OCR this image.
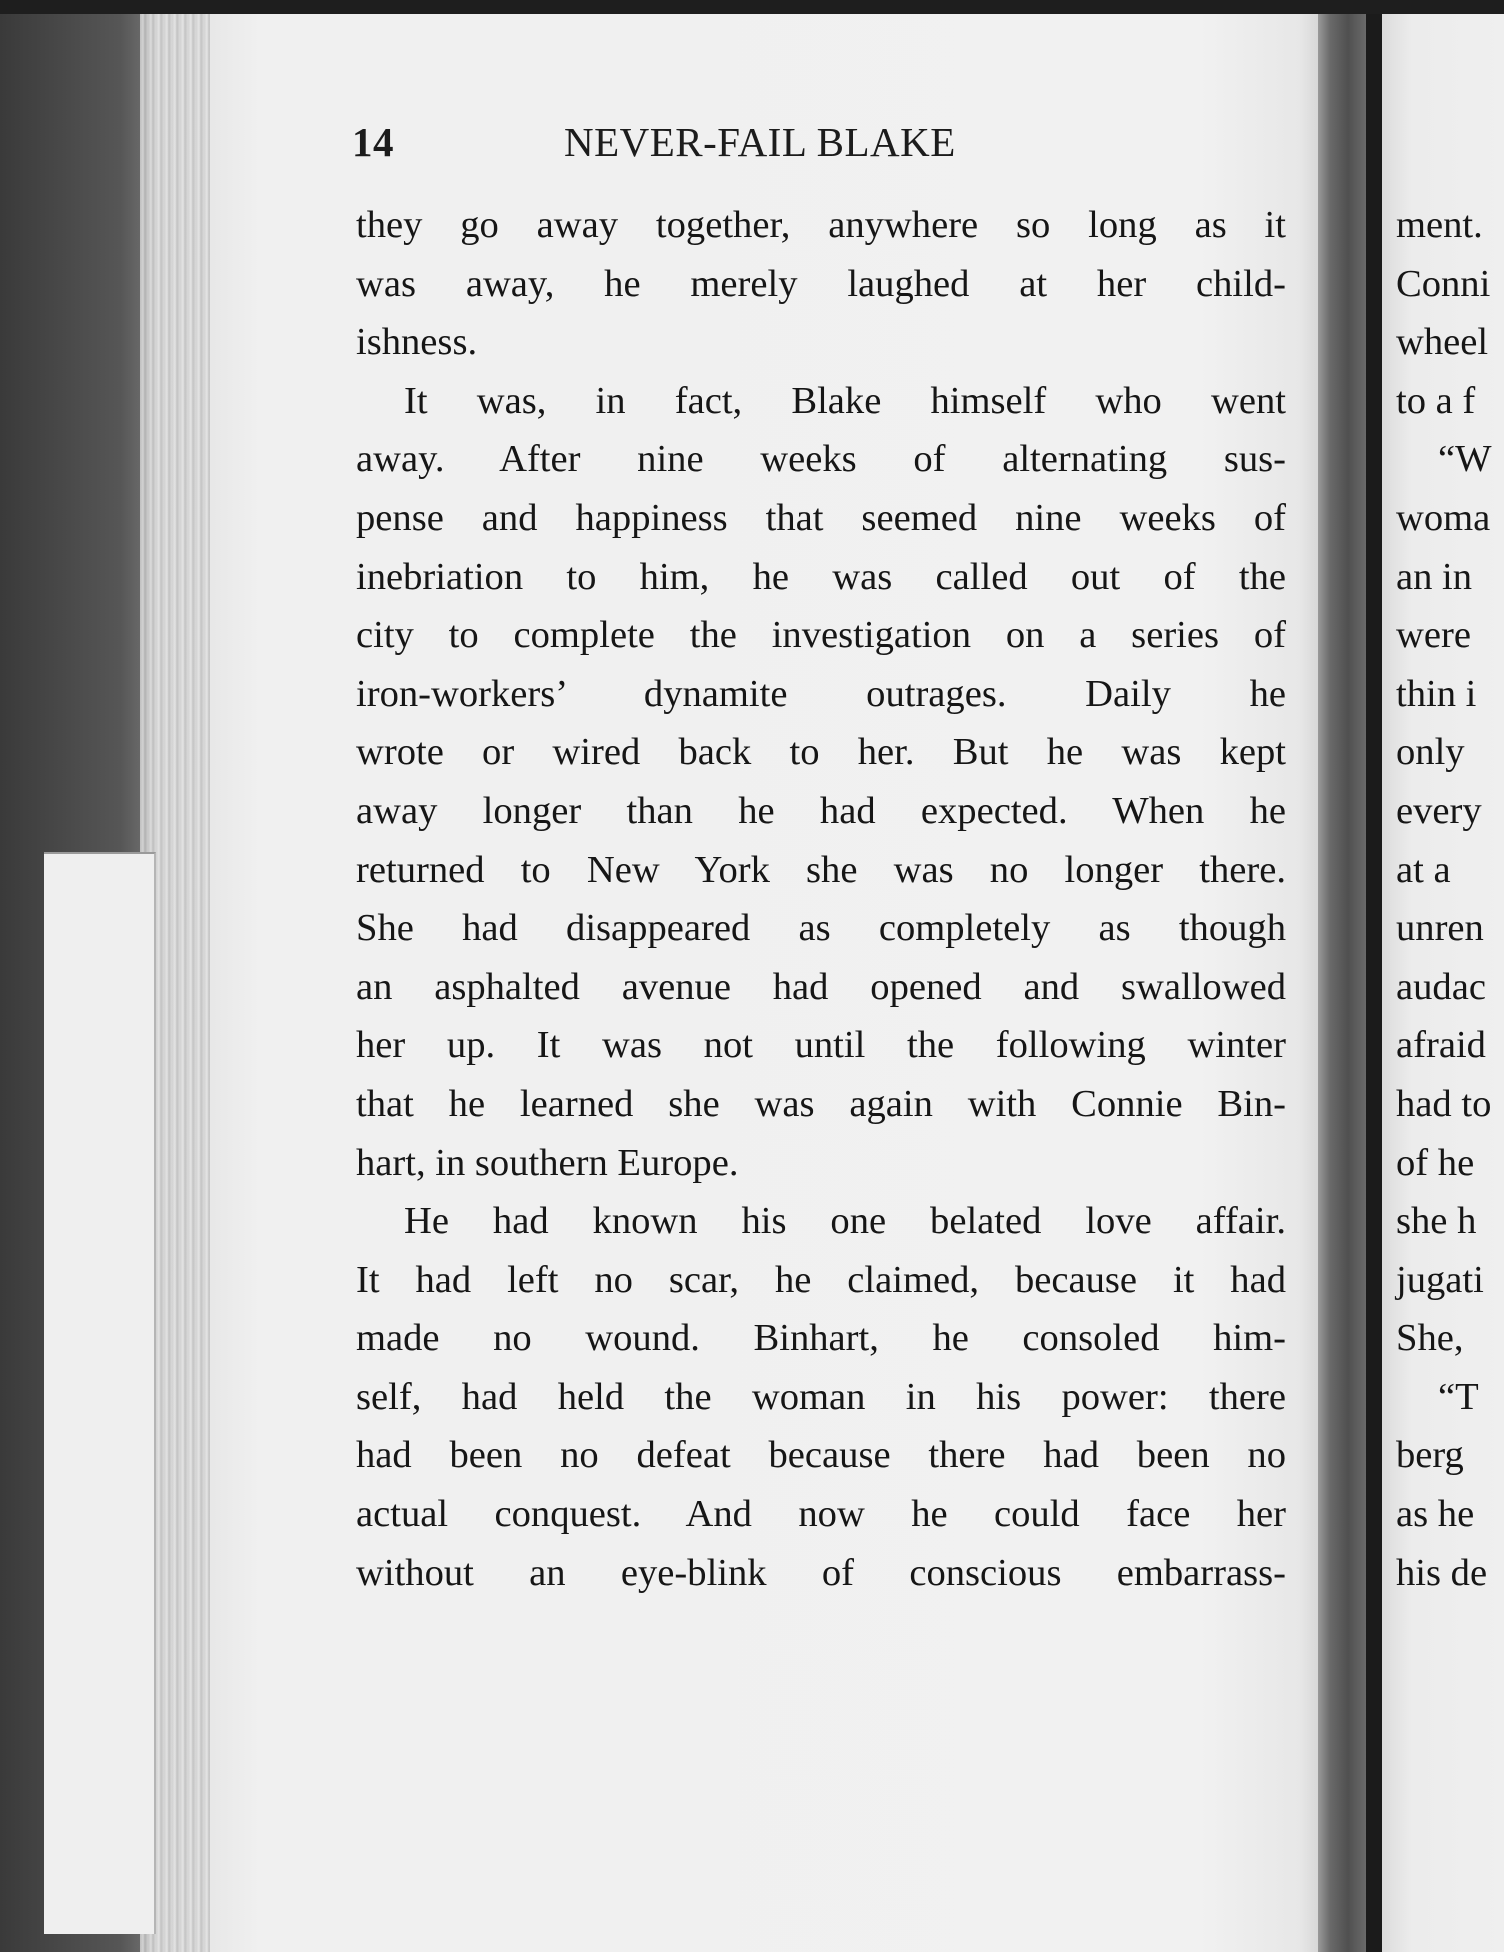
14	NEVER-FAIL BLAKE
they go away together, anywhere so long as it
was away, he merely laughed at her child-
ishness.
It was, in fact, Blake himself who went
away. After nine weeks of alternating sus-
pense and happiness that seemed nine weeks of
inebriation to him, he was called out of the
city to complete the investigation on a series of
iron-workers’ dynamite outrages. Daily he
wrote or wired back to her. But he was kept
away longer than he had expected. When he
returned to New York she was no longer there.
She had disappeared as completely as though
an asphalted avenue had opened and swallowed
her up. It was not until the following winter
that he learned she was again with Connie Bin-
hart, in southern Europe.
He had known his one belated love affair.
It had left no scar, he claimed, because it had
made no wound. Binhart, he consoled him-
self, had held the woman in his power: there
had been no defeat because there had been no
actual conquest. And now he could face her
without an eye-blink of conscious embarrass-
ment.
Conni
wheel
to a f
“W
woma
an in
were
thin i
only
every
at a
unren
audac
afraid
had to
of he
she h
jugati
She,
“T
berg
as he
his de
